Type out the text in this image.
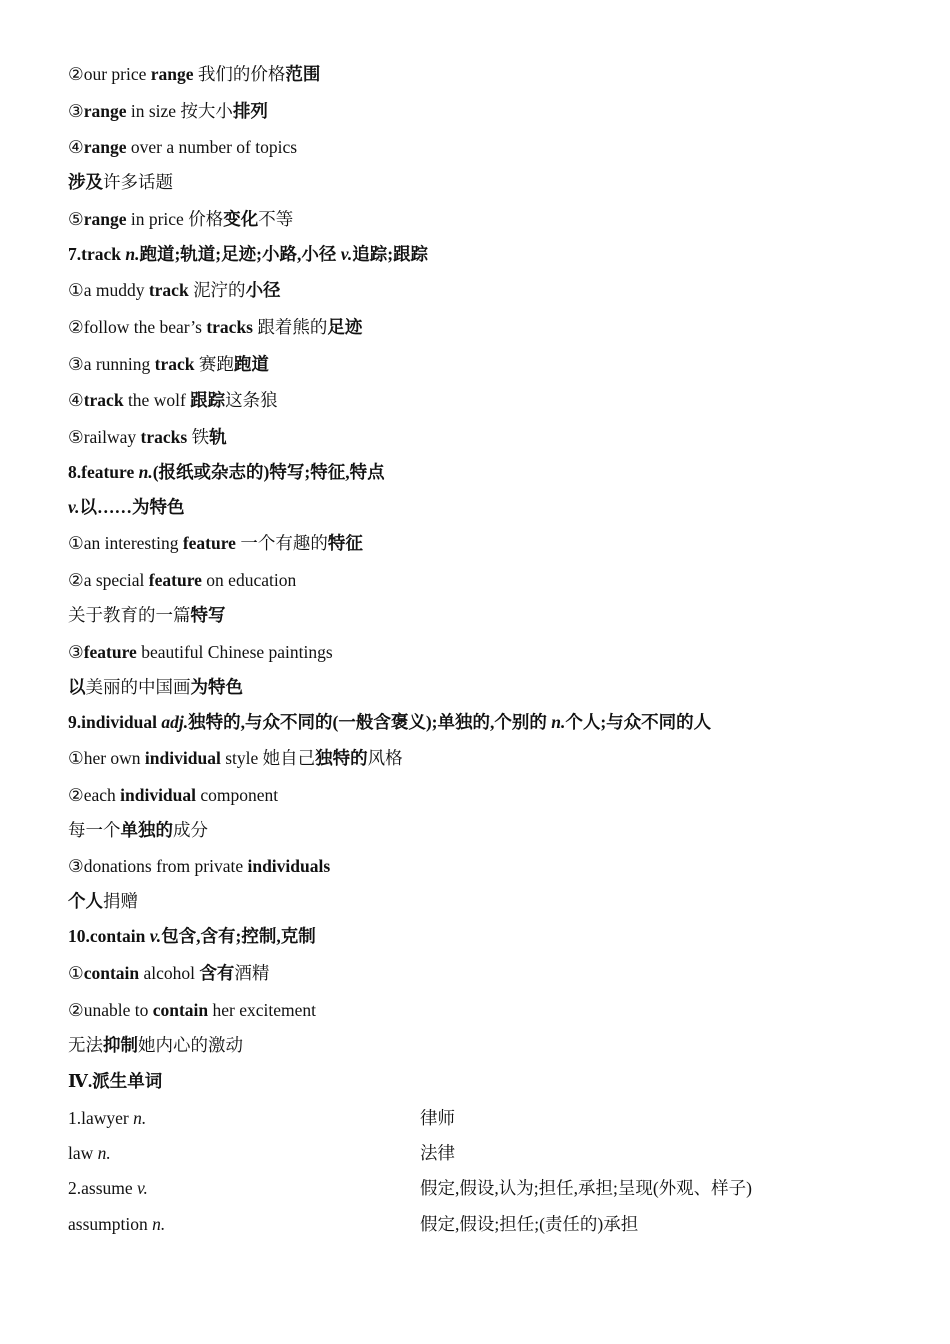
②our price range 我们的价格范围
③range in size 按大小排列
④range over a number of topics
涉及许多话题
⑤range in price 价格变化不等
7.track n.跑道;轨道;足迹;小路,小径 v.追踪;跟踪
①a muddy track 泥泞的小径
②follow the bear’s tracks 跟着熊的足迹
③a running track 赛跑跑道
④track the wolf 跟踪这条狼
⑤railway tracks 铁轨
8.feature n.(报纸或杂志的)特写;特征,特点
v.以……为特色
①an interesting feature 一个有趣的特征
②a special feature on education
关于教育的一篇特写
③feature beautiful Chinese paintings
以美丽的中国画为特色
9.individual adj.独特的,与众不同的(一般含褒义);单独的,个别的 n.个人;与众不同的人
①her own individual style 她自己独特的风格
②each individual component
每一个单独的成分
③donations from private individuals
个人捐赠
10.contain v.包含,含有;控制,克制
①contain alcohol 含有酒精
②unable to contain her excitement
无法抑制她内心的激动
Ⅳ.派生单词
1.lawyer n.	律师
law n.	法律
2.assume v.	假定,假设,认为;担任,承担;呈现(外观、样子)
assumption n.	假定,假设;担任;(责任的)承担
